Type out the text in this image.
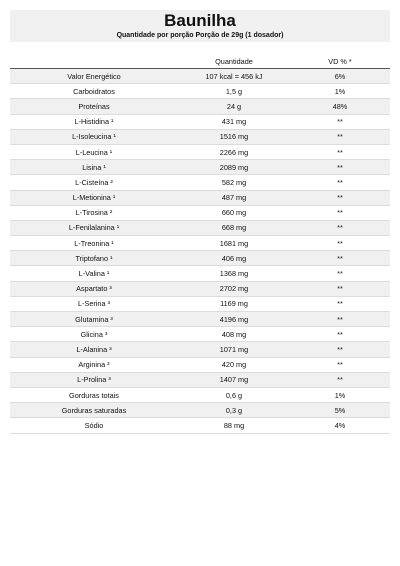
Baunilha
Quantidade por porção Porção de 29g (1 dosador)
	Quantidade	VD % *
Valor Energético	107 kcal = 456 kJ	6%
Carboidratos	1,5 g	1%
Proteínas	24 g	48%
L-Histidina ¹	431 mg	**
L-Isoleucina ¹	1516 mg	**
L-Leucina ¹	2266 mg	**
Lisina ¹	2089 mg	**
L-Cisteína ²	582 mg	**
L-Metionina ¹	487 mg	**
L-Tirosina ²	660 mg	**
L-Fenilalanina ¹	668 mg	**
L-Treonina ¹	1681 mg	**
Triptofano ¹	406 mg	**
L-Valina ¹	1368 mg	**
Aspartato ³	2702 mg	**
L-Serina ³	1169 mg	**
Glutamina ³	4196 mg	**
Glicina ³	408 mg	**
L-Alanina ³	1071 mg	**
Arginina ²	420 mg	**
L-Prolina ³	1407 mg	**
Gorduras totais	0,6 g	1%
Gorduras saturadas	0,3 g	5%
Sódio	88 mg	4%
